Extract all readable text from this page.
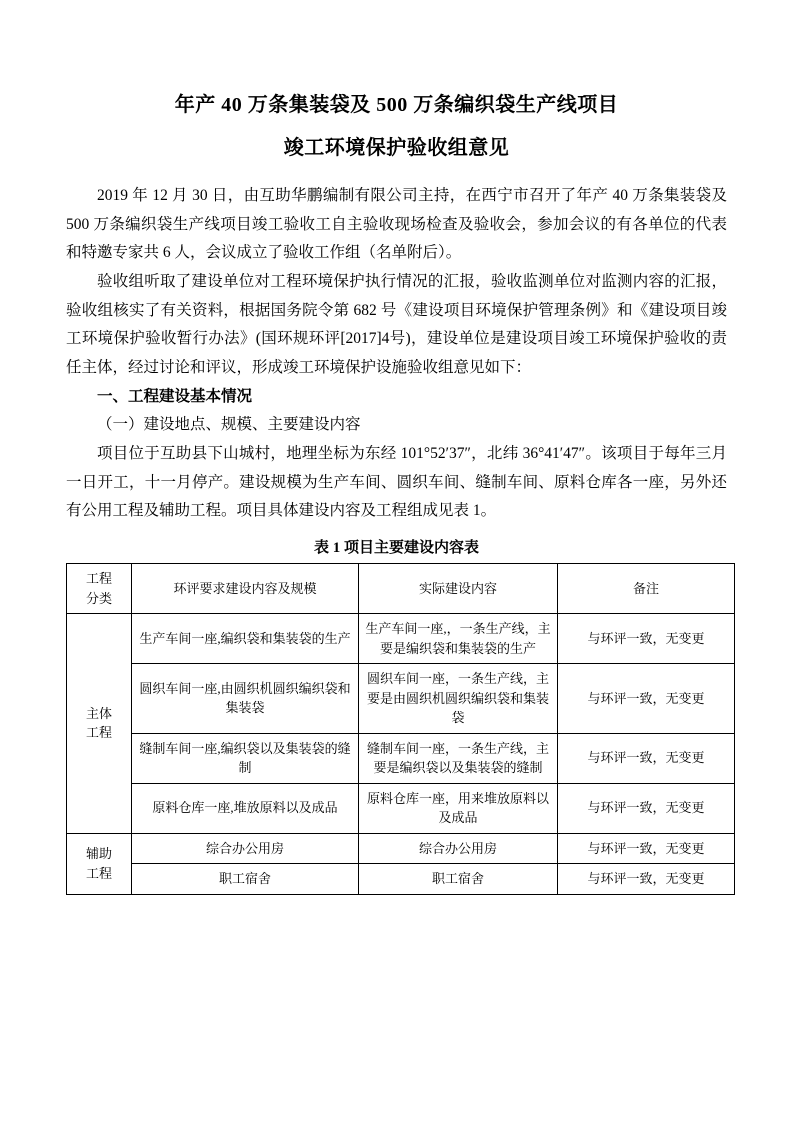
年产 40 万条集装袋及 500 万条编织袋生产线项目
竣工环境保护验收组意见

2019 年 12 月 30 日，由互助华鹏编制有限公司主持，在西宁市召开了年产 40 万条集装袋及 500 万条编织袋生产线项目竣工验收工自主验收现场检查及验收会，参加会议的有各单位的代表和特邀专家共 6 人，会议成立了验收工作组（名单附后）。

验收组听取了建设单位对工程环境保护执行情况的汇报，验收监测单位对监测内容的汇报，验收组核实了有关资料，根据国务院令第 682 号《建设项目环境保护管理条例》和《建设项目竣工环境保护验收暂行办法》(国环规环评[2017]4号)，建设单位是建设项目竣工环境保护验收的责任主体，经过讨论和评议，形成竣工环境保护设施验收组意见如下：

一、工程建设基本情况

（一）建设地点、规模、主要建设内容

项目位于互助县下山城村，地理坐标为东经 101°52′37″，北纬 36°41′47″。该项目于每年三月一日开工，十一月停产。建设规模为生产车间、圆织车间、缝制车间、原料仓库各一座，另外还有公用工程及辅助工程。项目具体建设内容及工程组成见表 1。

表 1 项目主要建设内容表
工程
分类	环评要求建设内容及规模	实际建设内容	备注

主体
工程	生产车间一座,编织袋和集装袋的生产	生产车间一座,，一条生产线，主要是编织袋和集装袋的生产	与环评一致，无变更
	圆织车间一座,由圆织机圆织编织袋和集装袋	圆织车间一座，一条生产线，主要是由圆织机圆织编织袋和集装袋	与环评一致，无变更
	缝制车间一座,编织袋以及集装袋的缝制	缝制车间一座，一条生产线，主要是编织袋以及集装袋的缝制	与环评一致，无变更
	原料仓库一座,堆放原料以及成品	原料仓库一座，用来堆放原料以及成品	与环评一致，无变更

辅助
工程	综合办公用房	综合办公用房	与环评一致，无变更
	职工宿舍	职工宿舍	与环评一致，无变更
